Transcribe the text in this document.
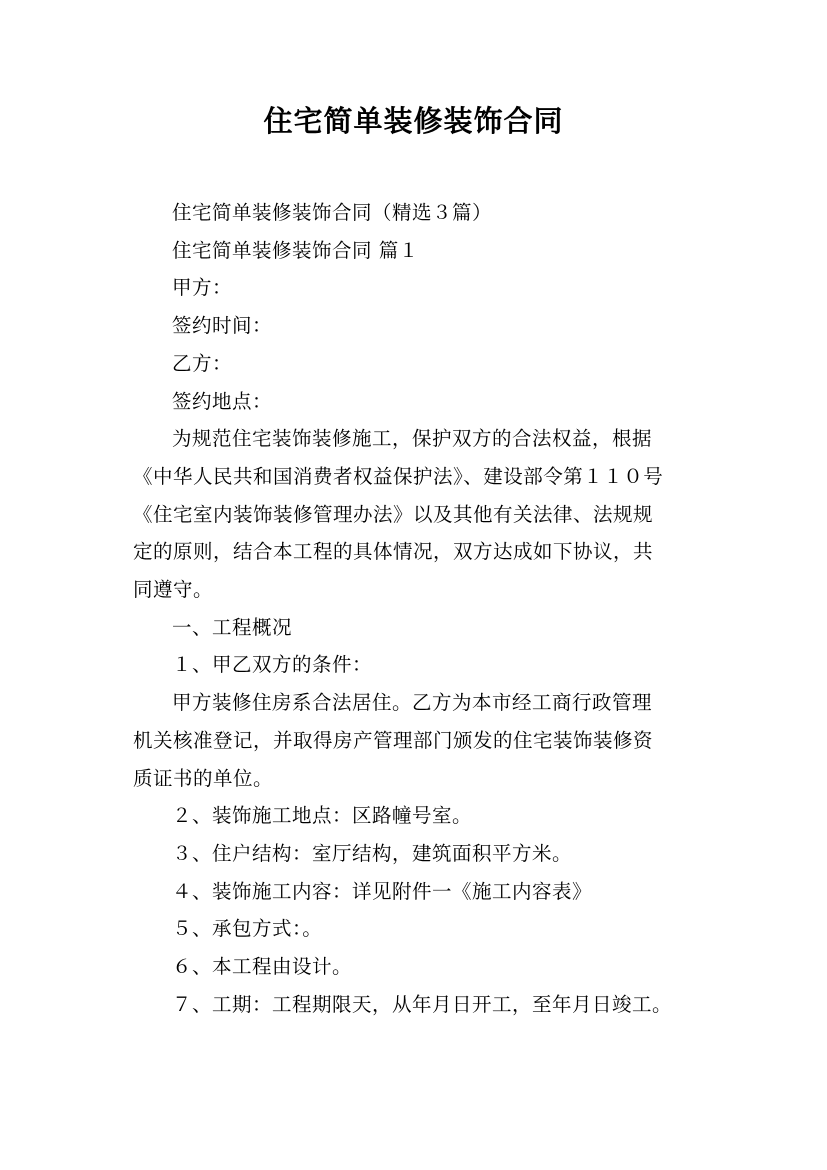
住宅简单装修装饰合同

住宅简单装修装饰合同（精选３篇）

住宅简单装修装饰合同 篇１

甲方：

签约时间：

乙方：

签约地点：

为规范住宅装饰装修施工，保护双方的合法权益，根据

《中华人民共和国消费者权益保护法》、建设部令第１１０号

《住宅室内装饰装修管理办法》以及其他有关法律、法规规

定的原则，结合本工程的具体情况，双方达成如下协议，共

同遵守。

一、工程概况

１、甲乙双方的条件：

甲方装修住房系合法居住。乙方为本市经工商行政管理

机关核准登记，并取得房产管理部门颁发的住宅装饰装修资

质证书的单位。

２、装饰施工地点：区路幢号室。

３、住户结构：室厅结构，建筑面积平方米。

４、装饰施工内容：详见附件一《施工内容表》

５、承包方式：。

６、本工程由设计。

７、工期：工程期限天，从年月日开工，至年月日竣工。
